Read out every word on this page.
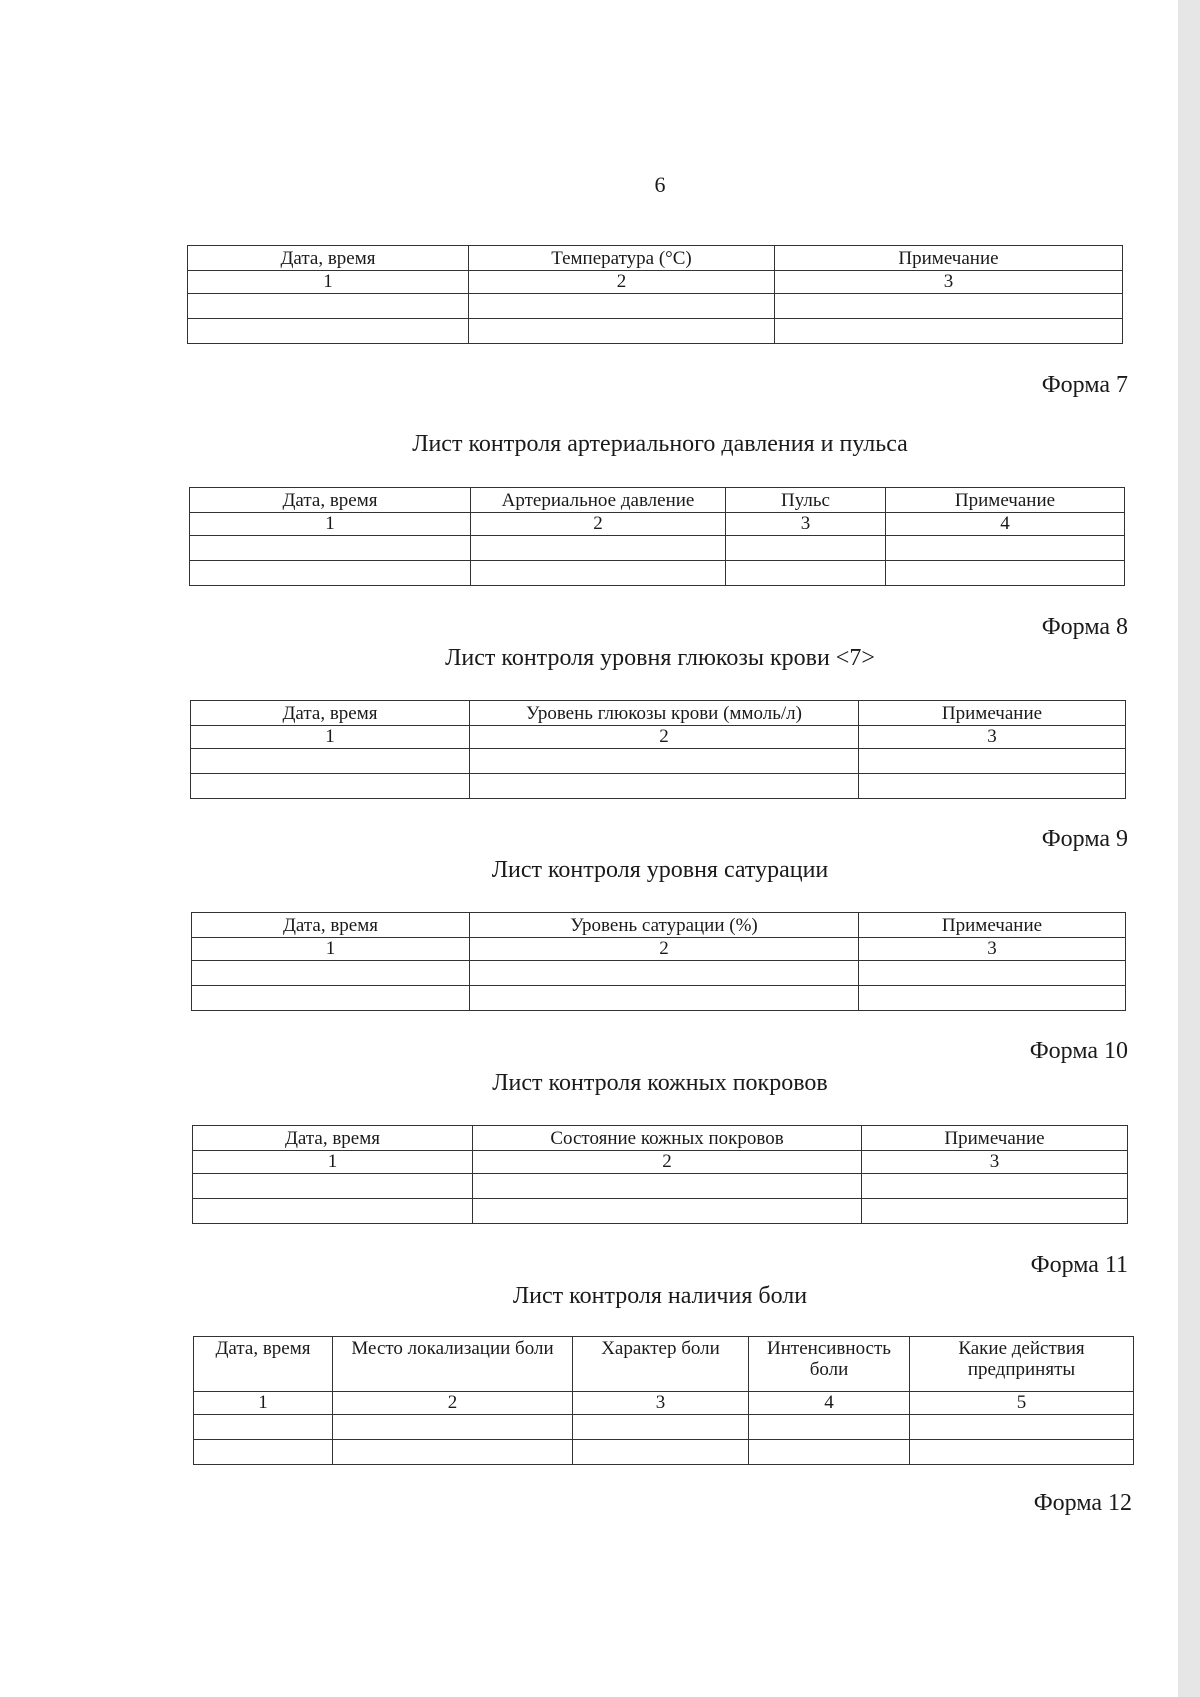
6
Дата, время	Температура (°С)	Примечание
1	2	3

Форма 7
Лист контроля артериального давления и пульса
Дата, время	Артериальное давление	Пульс	Примечание
1	2	3	4

Форма 8
Лист контроля уровня глюкозы крови <7>
Дата, время	Уровень глюкозы крови (ммоль/л)	Примечание
1	2	3

Форма 9
Лист контроля уровня сатурации
Дата, время	Уровень сатурации (%)	Примечание
1	2	3

Форма 10
Лист контроля кожных покровов
Дата, время	Состояние кожных покровов	Примечание
1	2	3

Форма 11
Лист контроля наличия боли
Дата, время	Место локализации боли	Характер боли	Интенсивность боли	Какие действия предприняты
1	2	3	4	5

Форма 12
